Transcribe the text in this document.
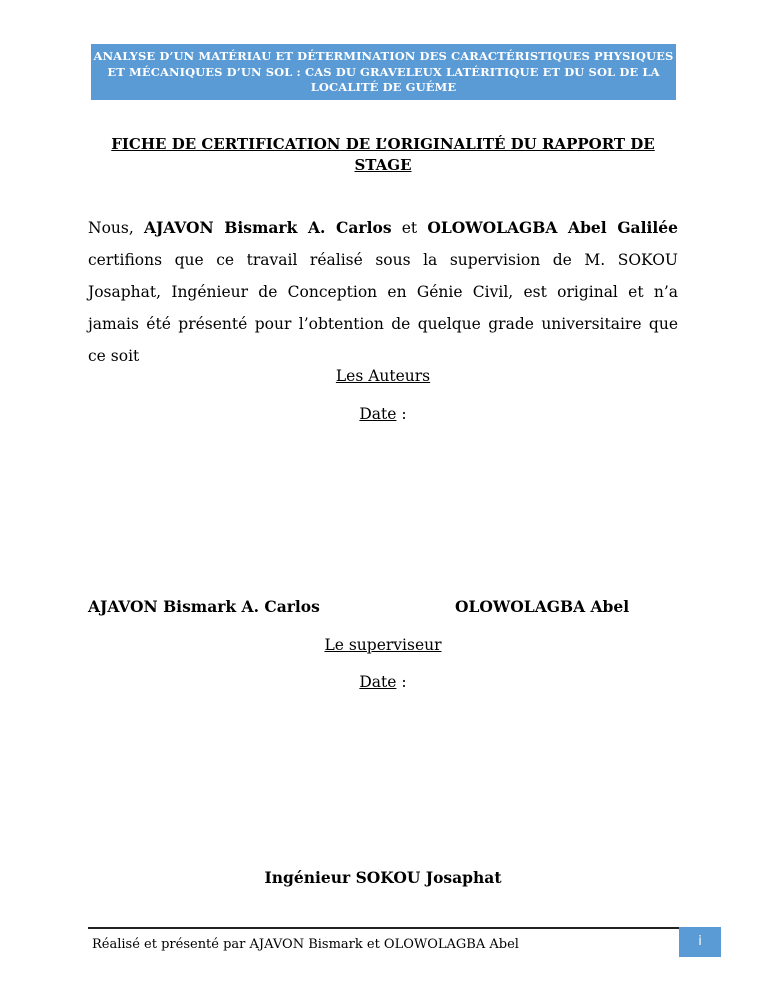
ANALYSE D’UN MATÉRIAU ET DÉTERMINATION DES CARACTÉRISTIQUES PHYSIQUES ET MÉCANIQUES D’UN SOL : CAS DU GRAVELEUX LATÉRITIQUE ET DU SOL DE LA LOCALITÉ DE GUÉME
FICHE DE CERTIFICATION DE L’ORIGINALITÉ DU RAPPORT DE STAGE
Nous, AJAVON Bismark A. Carlos et OLOWOLAGBA Abel Galilée certifions que ce travail réalisé sous la supervision de M. SOKOU Josaphat, Ingénieur de Conception en Génie Civil, est original et n’a jamais été présenté pour l’obtention de quelque grade universitaire que ce soit
Les Auteurs
Date :
AJAVON Bismark A. Carlos	OLOWOLAGBA Abel
Le superviseur
Date :
Ingénieur SOKOU Josaphat
Réalisé et présenté par AJAVON Bismark et OLOWOLAGBA Abel	i
